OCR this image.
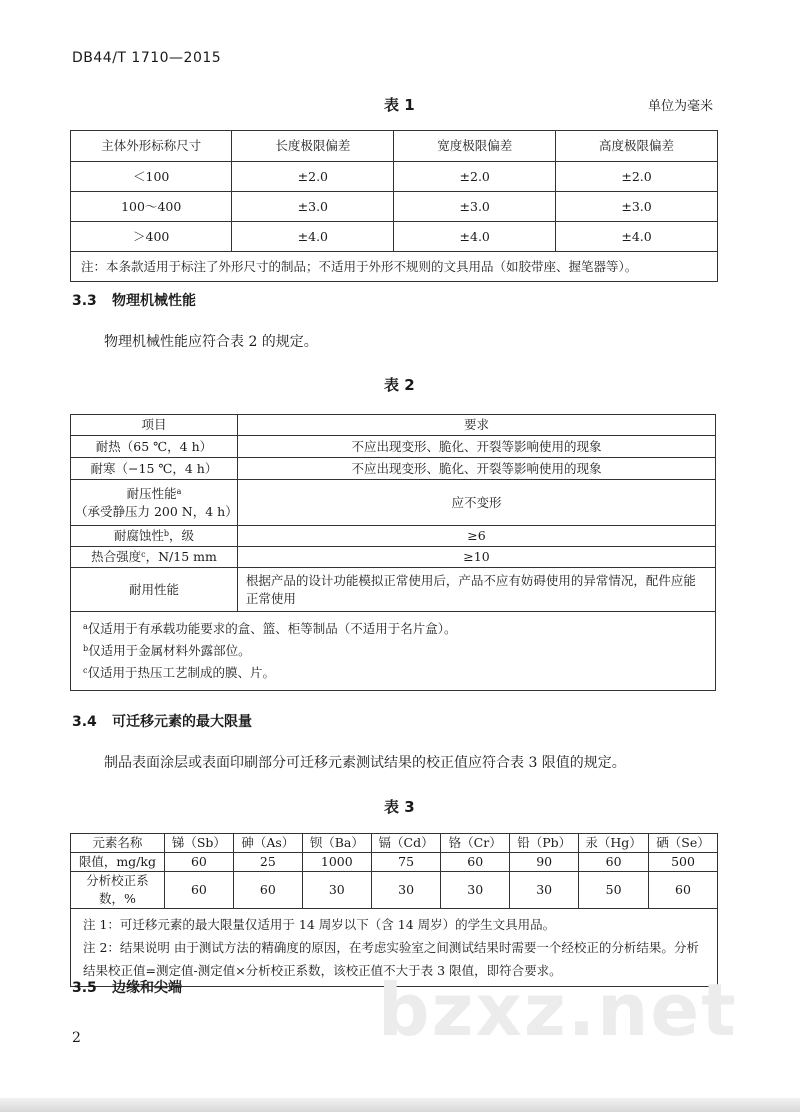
DB44/T 1710—2015
表 1	单位为毫米
主体外形标称尺寸	长度极限偏差	宽度极限偏差	高度极限偏差
＜100	±2.0	±2.0	±2.0
100～400	±3.0	±3.0	±3.0
＞400	±4.0	±4.0	±4.0
注：本条款适用于标注了外形尺寸的制品；不适用于外形不规则的文具用品（如胶带座、握笔器等）。			
3.3 物理机械性能
物理机械性能应符合表 2 的规定。
表 2
项目	要求
耐热（65 ℃，4 h）	不应出现变形、脆化、开裂等影响使用的现象
耐寒（−15 ℃，4 h）	不应出现变形、脆化、开裂等影响使用的现象

耐压性能$^a$
（承受静压力 200 N，4 h）	应不变形
耐腐蚀性$^b$，级	≥6
热合强度$^c$，N/15 mm	≥10
耐用性能	根据产品的设计功能模拟正常使用后，产品不应有妨碍使用的异常情况，配件应能正常使用

$^a$仅适用于有承载功能要求的盒、篮、柜等制品（不适用于名片盒）。

$^b$仅适用于金属材料外露部位。

$^c$仅适用于热压工艺制成的膜、片。	

3.4 可迁移元素的最大限量
制品表面涂层或表面印刷部分可迁移元素测试结果的校正值应符合表 3 限值的规定。
表 3
元素名称	锑（Sb）	砷（As）	钡（Ba）	镉（Cd）	铬（Cr）	铅（Pb）	汞（Hg）	硒（Se）
限值，mg/kg	60	25	1000	75	60	90	60	500
分析校正系数，%	60	60	30	30	30	30	50	60

注 1：可迁移元素的最大限量仅适用于 14 周岁以下（含 14 周岁）的学生文具用品。
注 2：结果说明 由于测试方法的精确度的原因，在考虑实验室之间测试结果时需要一个经校正的分析结果。分析结果校正值=测定值-测定值×分析校正系数，该校正值不大于表 3 限值，即符合要求。								
3.5 边缘和尖端	bzxz.net
2
